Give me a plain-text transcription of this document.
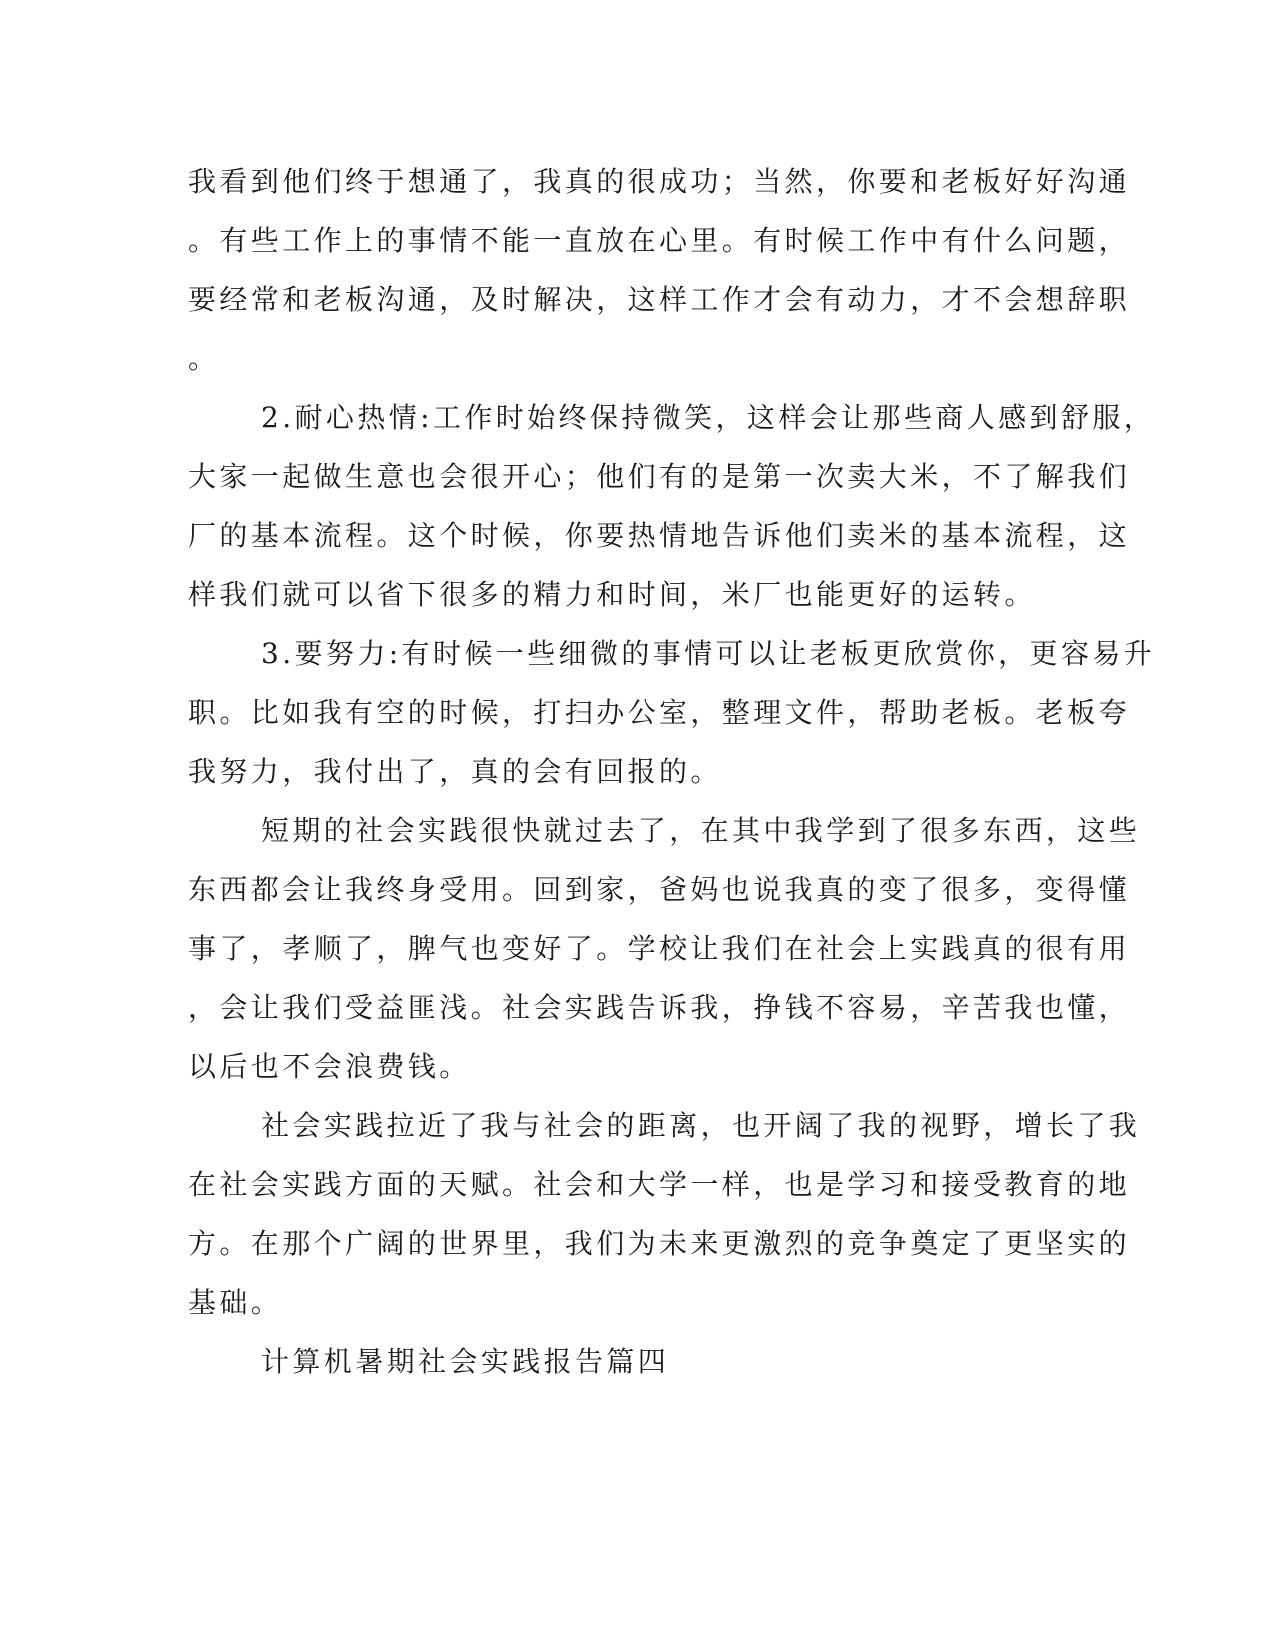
我看到他们终于想通了，我真的很成功；当然，你要和老板好好沟通

。有些工作上的事情不能一直放在心里。有时候工作中有什么问题，

要经常和老板沟通，及时解决，这样工作才会有动力，才不会想辞职

。

2.耐心热情:工作时始终保持微笑，这样会让那些商人感到舒服，

大家一起做生意也会很开心；他们有的是第一次卖大米，不了解我们

厂的基本流程。这个时候，你要热情地告诉他们卖米的基本流程，这

样我们就可以省下很多的精力和时间，米厂也能更好的运转。

3.要努力:有时候一些细微的事情可以让老板更欣赏你，更容易升

职。比如我有空的时候，打扫办公室，整理文件，帮助老板。老板夸

我努力，我付出了，真的会有回报的。

短期的社会实践很快就过去了，在其中我学到了很多东西，这些

东西都会让我终身受用。回到家，爸妈也说我真的变了很多，变得懂

事了，孝顺了，脾气也变好了。学校让我们在社会上实践真的很有用

，会让我们受益匪浅。社会实践告诉我，挣钱不容易，辛苦我也懂，

以后也不会浪费钱。

社会实践拉近了我与社会的距离，也开阔了我的视野，增长了我

在社会实践方面的天赋。社会和大学一样，也是学习和接受教育的地

方。在那个广阔的世界里，我们为未来更激烈的竞争奠定了更坚实的

基础。

计算机暑期社会实践报告篇四
